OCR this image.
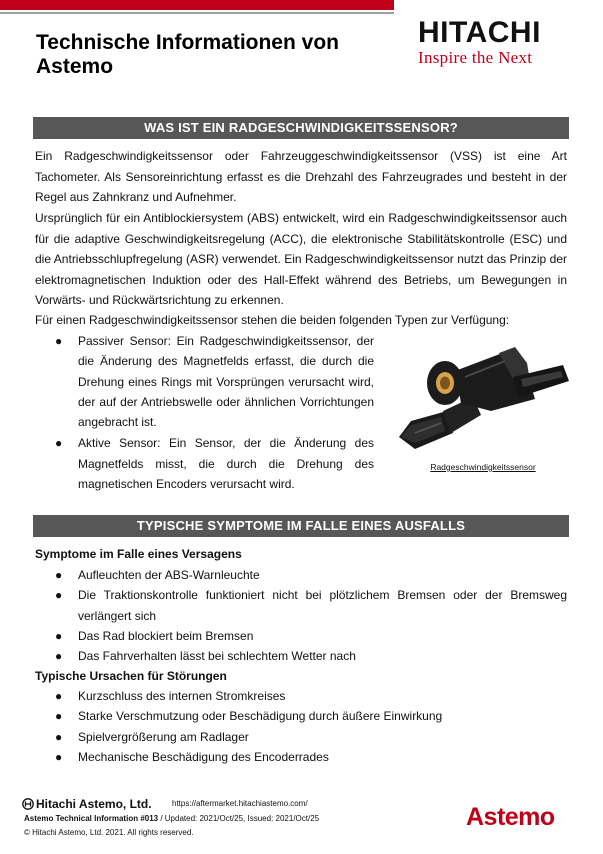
Technische Informationen von Astemo
HITACHI
Inspire the Next
WAS IST EIN RADGESCHWINDIGKEITSSENSOR?

Ein Radgeschwindigkeitssensor oder Fahrzeuggeschwindigkeitssensor (VSS) ist eine Art Tachometer. Als Sensoreinrichtung erfasst es die Drehzahl des Fahrzeugrades und besteht in der Regel aus Zahnkranz und Aufnehmer.

Ursprünglich für ein Antiblockiersystem (ABS) entwickelt, wird ein Radgeschwindigkeitssensor auch für die adaptive Geschwindigkeitsregelung (ACC), die elektronische Stabilitätskontrolle (ESC) und die Antriebsschlupfregelung (ASR) verwendet. Ein Radgeschwindigkeitssensor nutzt das Prinzip der elektromagnetischen Induktion oder des Hall-Effekt während des Betriebs, um Bewegungen in Vorwärts- und Rückwärtsrichtung zu erkennen.

Für einen Radgeschwindigkeitssensor stehen die beiden folgenden Typen zur Verfügung:

● Passiver Sensor: Ein Radgeschwindigkeitssensor, der die Änderung des Magnetfelds erfasst, die durch die Drehung eines Rings mit Vorsprüngen verursacht wird, der auf der Antriebswelle oder ähnlichen Vorrichtungen angebracht ist.
● Aktive Sensor: Ein Sensor, der die Änderung des Magnetfelds misst, die durch die Drehung des magnetischen Encoders verursacht wird.
Radgeschwindigkeitssensor
TYPISCHE SYMPTOME IM FALLE EINES AUSFALLS
Symptome im Falle eines Versagens
● Aufleuchten der ABS-Warnleuchte
● Die Traktionskontrolle funktioniert nicht bei plötzlichem Bremsen oder der Bremsweg verlängert sich
● Das Rad blockiert beim Bremsen
● Das Fahrverhalten lässt bei schlechtem Wetter nach
Typische Ursachen für Störungen
● Kurzschluss des internen Stromkreises
● Starke Verschmutzung oder Beschädigung durch äußere Einwirkung
● Spielvergrößerung am Radlager
● Mechanische Beschädigung des Encoderrades
Hitachi Astemo, Ltd.	https://aftermarket.hitachiastemo.com/
Astemo Technical Information #013 / Updated: 2021/Oct/25, Issued: 2021/Oct/25
© Hitachi Astemo, Ltd. 2021. All rights reserved.
Astemo
